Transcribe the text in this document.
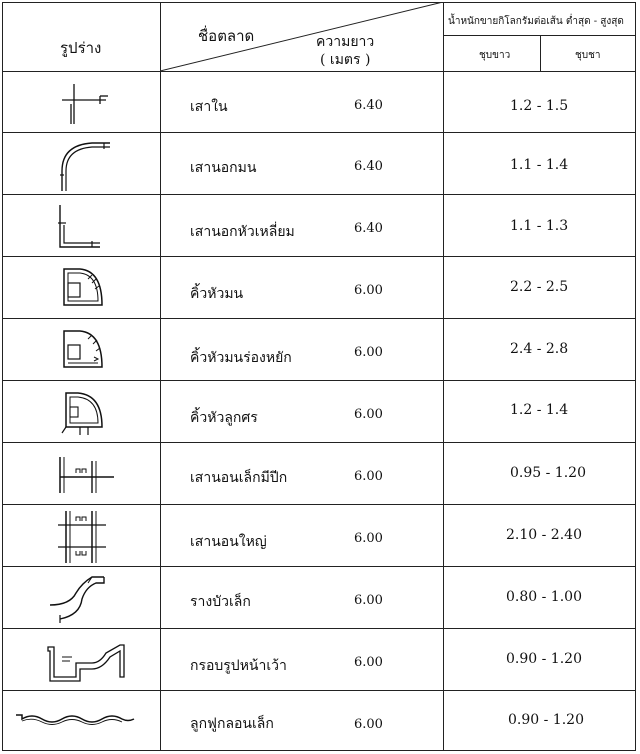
รูปร่าง
ชื่อตลาด	ความยาว
( เมตร )
น้ำหนักขายกิโลกรัมต่อเส้น ต่ำสุด - สูงสุด
ชุบขาว	ชุบชา
เสาใน	6.40	1.2 - 1.5
เสานอกมน	6.40	1.1 - 1.4
เสานอกหัวเหลี่ยม	6.40	1.1 - 1.3
คิ้วหัวมน	6.00	2.2 - 2.5
คิ้วหัวมนร่องหยัก	6.00	2.4 - 2.8
คิ้วหัวลูกศร	6.00	1.2 - 1.4
เสานอนเล็กมีปีก	6.00	0.95 - 1.20
เสานอนใหญ่	6.00	2.10 - 2.40
รางบัวเล็ก	6.00	0.80 - 1.00
กรอบรูปหน้าเว้า	6.00	0.90 - 1.20
ลูกฟูกลอนเล็ก	6.00	0.90 - 1.20
